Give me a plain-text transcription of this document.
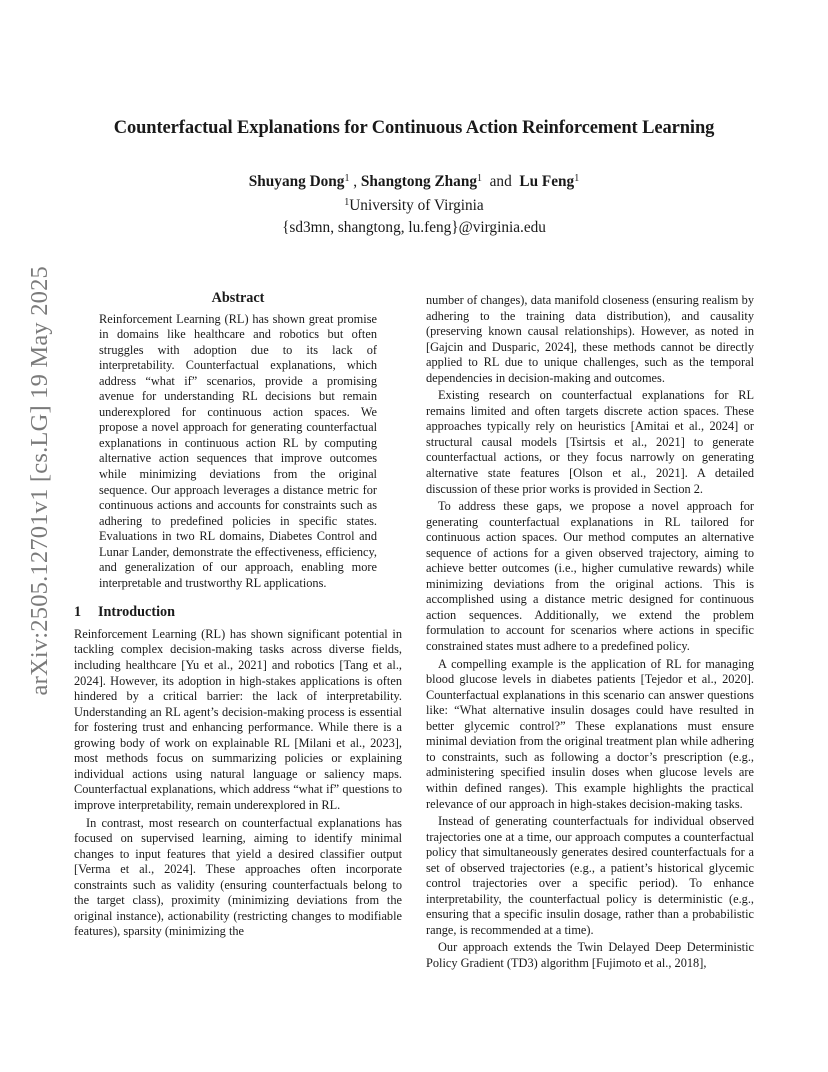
arXiv:2505.12701v1 [cs.LG] 19 May 2025
Counterfactual Explanations for Continuous Action Reinforcement Learning

Shuyang Dong$^1$ , Shangtong Zhang$^1$  and  Lu Feng$^1$

$^1$University of Virginia

{sd3mn, shangtong, lu.feng}@virginia.edu

Abstract

Reinforcement Learning (RL) has shown great promise in domains like healthcare and robotics but often struggles with adoption due to its lack of interpretability. Counterfactual explanations, which address “what if” scenarios, provide a promising avenue for understanding RL decisions but remain underexplored for continuous action spaces. We propose a novel approach for generating counterfactual explanations in continuous action RL by computing alternative action sequences that improve outcomes while minimizing deviations from the original sequence. Our approach leverages a distance metric for continuous actions and accounts for constraints such as adhering to predefined policies in specific states. Evaluations in two RL domains, Diabetes Control and Lunar Lander, demonstrate the effectiveness, efficiency, and generalization of our approach, enabling more interpretable and trustworthy RL applications.

1 Introduction

Reinforcement Learning (RL) has shown significant potential in tackling complex decision-making tasks across diverse fields, including healthcare [Yu et al., 2021] and robotics [Tang et al., 2024]. However, its adoption in high-stakes applications is often hindered by a critical barrier: the lack of interpretability. Understanding an RL agent’s decision-making process is essential for fostering trust and enhancing performance. While there is a growing body of work on explainable RL [Milani et al., 2023], most methods focus on summarizing policies or explaining individual actions using natural language or saliency maps. Counterfactual explanations, which address “what if” questions to improve interpretability, remain underexplored in RL.

In contrast, most research on counterfactual explanations has focused on supervised learning, aiming to identify minimal changes to input features that yield a desired classifier output [Verma et al., 2024]. These approaches often incorporate constraints such as validity (ensuring counterfactuals belong to the target class), proximity (minimizing deviations from the original instance), actionability (restricting changes to modifiable features), sparsity (minimizing the

number of changes), data manifold closeness (ensuring realism by adhering to the training data distribution), and causality (preserving known causal relationships). However, as noted in [Gajcin and Dusparic, 2024], these methods cannot be directly applied to RL due to unique challenges, such as the temporal dependencies in decision-making and outcomes.

Existing research on counterfactual explanations for RL remains limited and often targets discrete action spaces. These approaches typically rely on heuristics [Amitai et al., 2024] or structural causal models [Tsirtsis et al., 2021] to generate counterfactual actions, or they focus narrowly on generating alternative state features [Olson et al., 2021]. A detailed discussion of these prior works is provided in Section 2.

To address these gaps, we propose a novel approach for generating counterfactual explanations in RL tailored for continuous action spaces. Our method computes an alternative sequence of actions for a given observed trajectory, aiming to achieve better outcomes (i.e., higher cumulative rewards) while minimizing deviations from the original actions. This is accomplished using a distance metric designed for continuous action sequences. Additionally, we extend the problem formulation to account for scenarios where actions in specific constrained states must adhere to a predefined policy.

A compelling example is the application of RL for managing blood glucose levels in diabetes patients [Tejedor et al., 2020]. Counterfactual explanations in this scenario can answer questions like: “What alternative insulin dosages could have resulted in better glycemic control?” These explanations must ensure minimal deviation from the original treatment plan while adhering to constraints, such as following a doctor’s prescription (e.g., administering specified insulin doses when glucose levels are within defined ranges). This example highlights the practical relevance of our approach in high-stakes decision-making tasks.

Instead of generating counterfactuals for individual observed trajectories one at a time, our approach computes a counterfactual policy that simultaneously generates desired counterfactuals for a set of observed trajectories (e.g., a patient’s historical glycemic control trajectories over a specific period). To enhance interpretability, the counterfactual policy is deterministic (e.g., ensuring that a specific insulin dosage, rather than a probabilistic range, is recommended at a time).

Our approach extends the Twin Delayed Deep Deterministic Policy Gradient (TD3) algorithm [Fujimoto et al., 2018],
